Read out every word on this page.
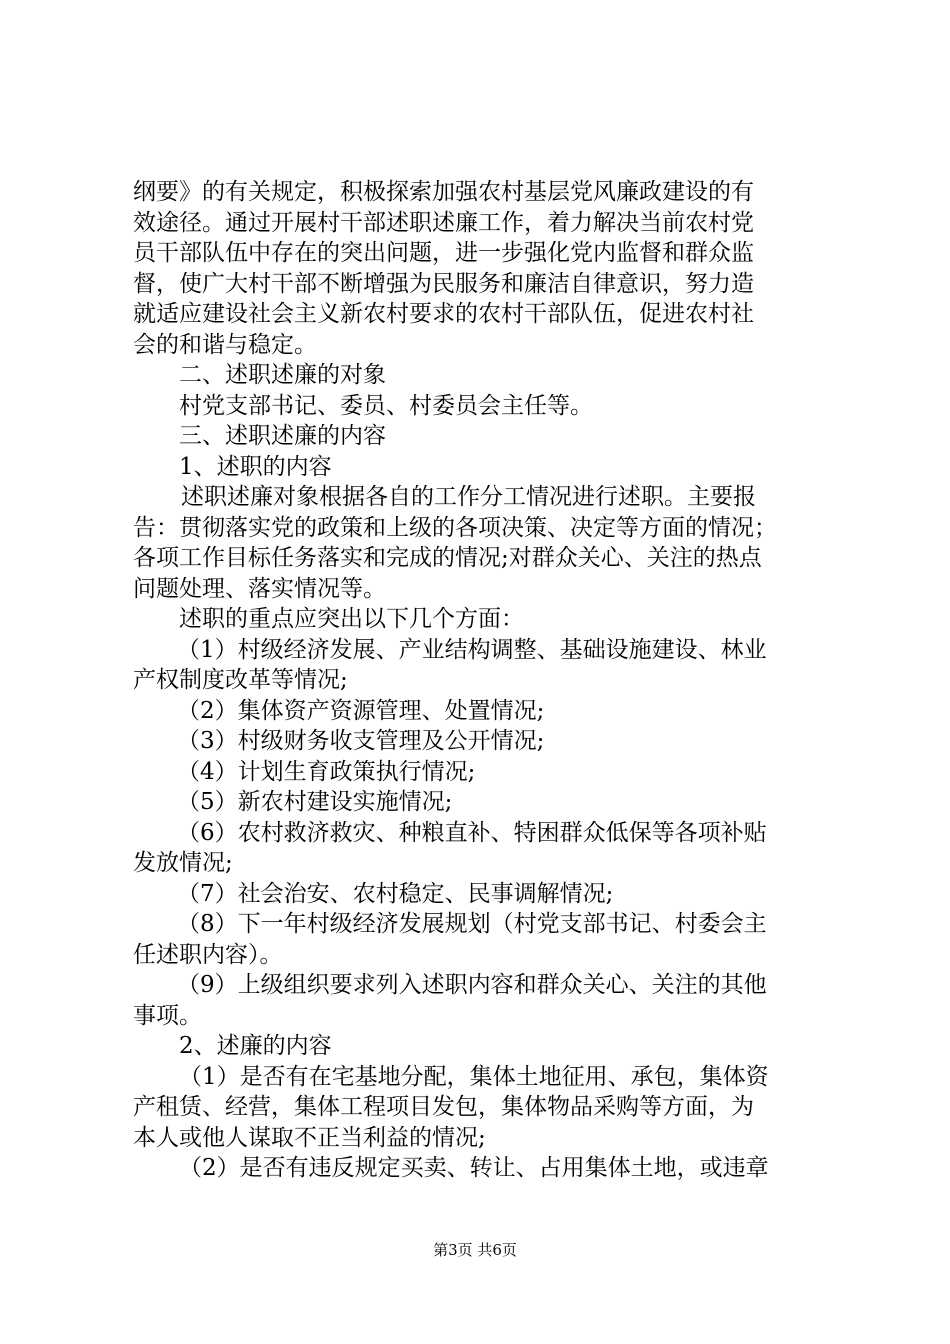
纲要》的有关规定，积极探索加强农村基层党风廉政建设的有
效途径。通过开展村干部述职述廉工作，着力解决当前农村党
员干部队伍中存在的突出问题，进一步强化党内监督和群众监
督，使广大村干部不断增强为民服务和廉洁自律意识，努力造
就适应建设社会主义新农村要求的农村干部队伍，促进农村社
会的和谐与稳定。
二、述职述廉的对象
村党支部书记、委员、村委员会主任等。
三、述职述廉的内容
1、述职的内容
述职述廉对象根据各自的工作分工情况进行述职。主要报
告：贯彻落实党的政策和上级的各项决策、决定等方面的情况；
各项工作目标任务落实和完成的情况;对群众关心、关注的热点
问题处理、落实情况等。
述职的重点应突出以下几个方面：
（1）村级经济发展、产业结构调整、基础设施建设、林业
产权制度改革等情况;
（2）集体资产资源管理、处置情况;
（3）村级财务收支管理及公开情况;
（4）计划生育政策执行情况;
（5）新农村建设实施情况;
（6）农村救济救灾、种粮直补、特困群众低保等各项补贴
发放情况;
（7）社会治安、农村稳定、民事调解情况;
（8）下一年村级经济发展规划（村党支部书记、村委会主
任述职内容）。
（9）上级组织要求列入述职内容和群众关心、关注的其他
事项。
2、述廉的内容
（1）是否有在宅基地分配，集体土地征用、承包，集体资
产租赁、经营，集体工程项目发包，集体物品采购等方面，为
本人或他人谋取不正当利益的情况;
（2）是否有违反规定买卖、转让、占用集体土地，或违章
第3页 共6页
